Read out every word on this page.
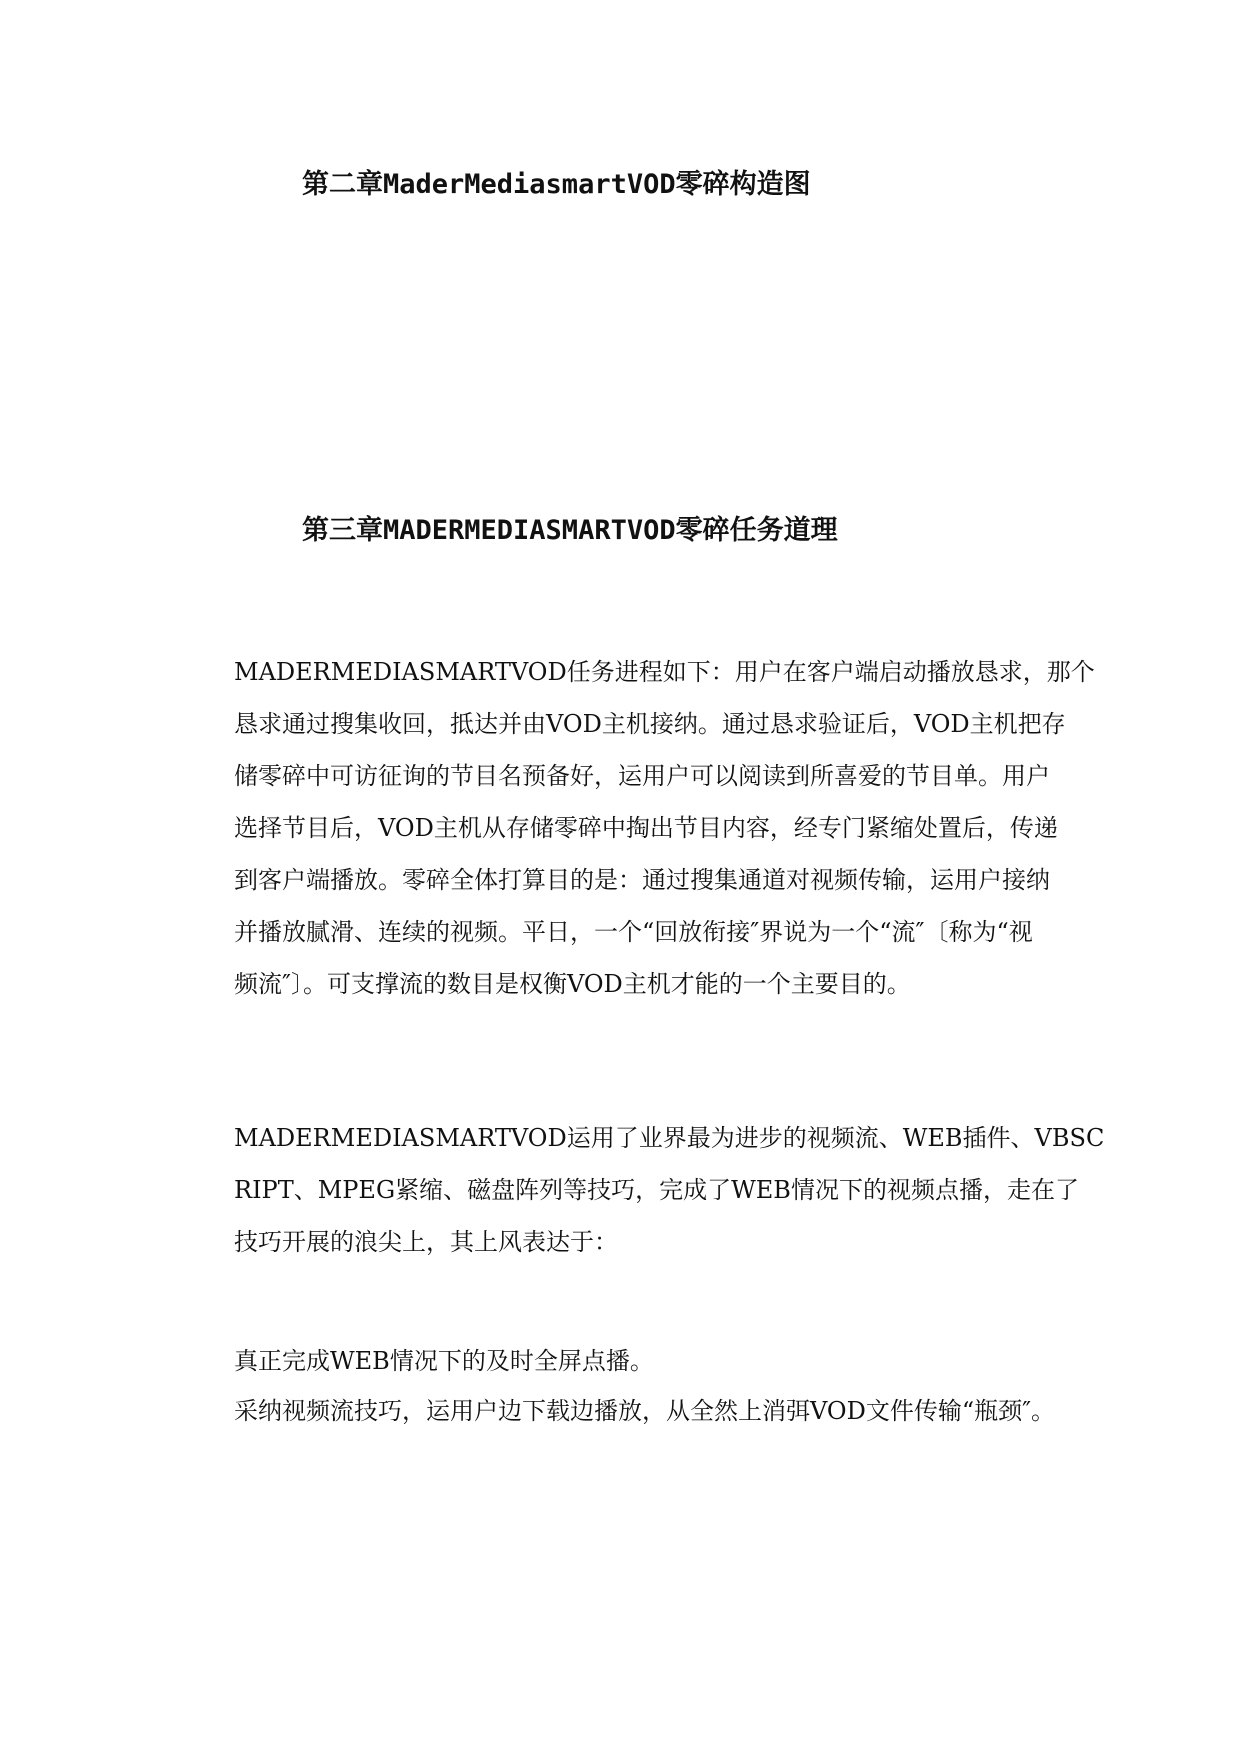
第二章MaderMediasmartVOD零碎构造图
第三章MADERMEDIASMARTVOD零碎任务道理
MADERMEDIASMARTVOD任务进程如下：用户在客户端启动播放恳求，那个
恳求通过搜集收回，抵达并由VOD主机接纳。通过恳求验证后，VOD主机把存
储零碎中可访征询的节目名预备好，运用户可以阅读到所喜爱的节目单。用户
选择节目后，VOD主机从存储零碎中掏出节目内容，经专门紧缩处置后，传递
到客户端播放。零碎全体打算目的是：通过搜集通道对视频传输，运用户接纳
并播放腻滑、连续的视频。平日，一个“回放衔接″界说为一个“流″〔称为“视
频流″〕。可支撑流的数目是权衡VOD主机才能的一个主要目的。
MADERMEDIASMARTVOD运用了业界最为进步的视频流、WEB插件、VBSC
RIPT、MPEG紧缩、磁盘阵列等技巧，完成了WEB情况下的视频点播，走在了
技巧开展的浪尖上，其上风表达于：
真正完成WEB情况下的及时全屏点播。
采纳视频流技巧，运用户边下载边播放，从全然上消弭VOD文件传输“瓶颈″。
